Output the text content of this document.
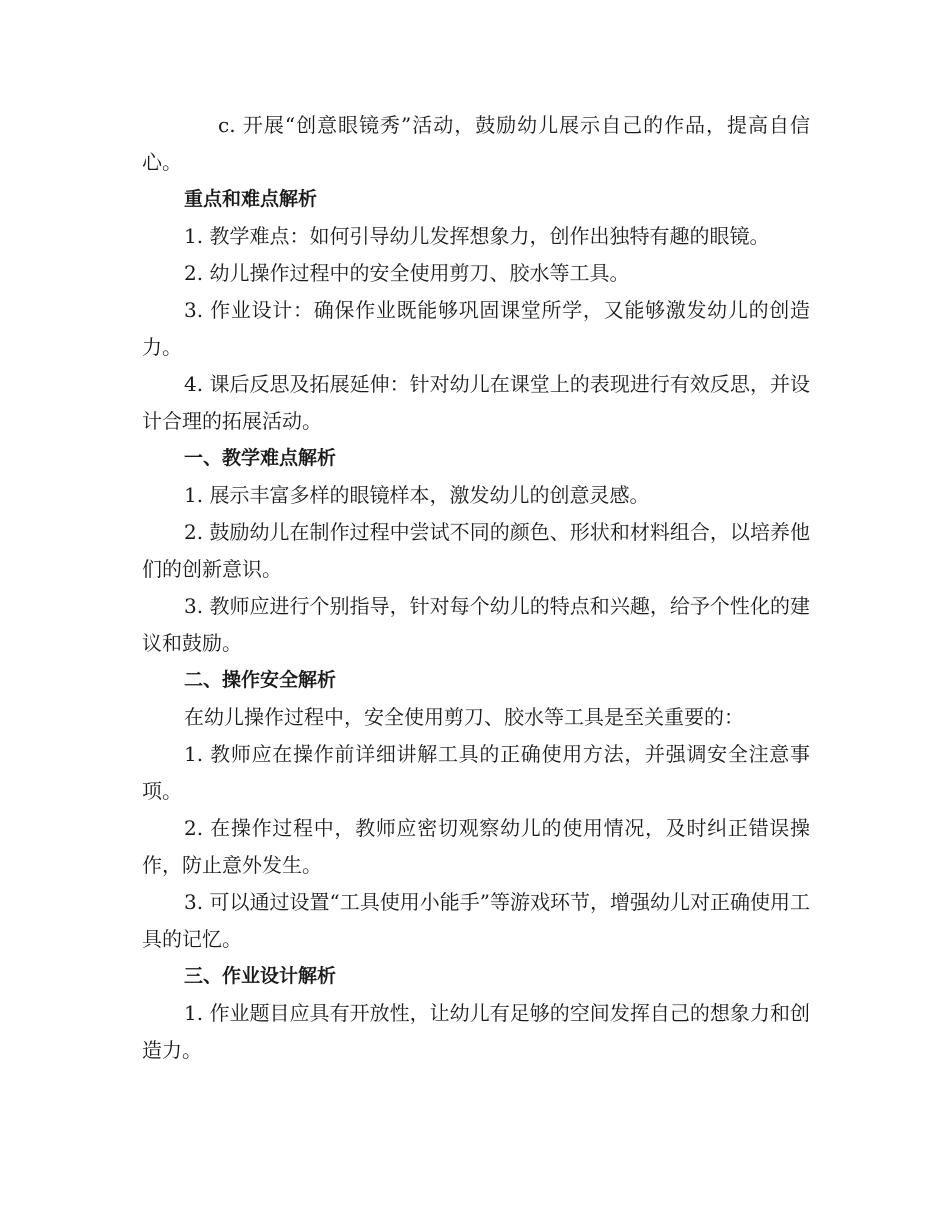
c. 开展“创意眼镜秀”活动，鼓励幼儿展示自己的作品，提高自信心。

重点和难点解析

1. 教学难点：如何引导幼儿发挥想象力，创作出独特有趣的眼镜。

2. 幼儿操作过程中的安全使用剪刀、胶水等工具。

3. 作业设计：确保作业既能够巩固课堂所学，又能够激发幼儿的创造力。

4. 课后反思及拓展延伸：针对幼儿在课堂上的表现进行有效反思，并设计合理的拓展活动。

一、教学难点解析

1. 展示丰富多样的眼镜样本，激发幼儿的创意灵感。

2. 鼓励幼儿在制作过程中尝试不同的颜色、形状和材料组合，以培养他们的创新意识。

3. 教师应进行个别指导，针对每个幼儿的特点和兴趣，给予个性化的建议和鼓励。

二、操作安全解析

在幼儿操作过程中，安全使用剪刀、胶水等工具是至关重要的：

1. 教师应在操作前详细讲解工具的正确使用方法，并强调安全注意事项。

2. 在操作过程中，教师应密切观察幼儿的使用情况，及时纠正错误操作，防止意外发生。

3. 可以通过设置“工具使用小能手”等游戏环节，增强幼儿对正确使用工具的记忆。

三、作业设计解析

1. 作业题目应具有开放性，让幼儿有足够的空间发挥自己的想象力和创造力。
